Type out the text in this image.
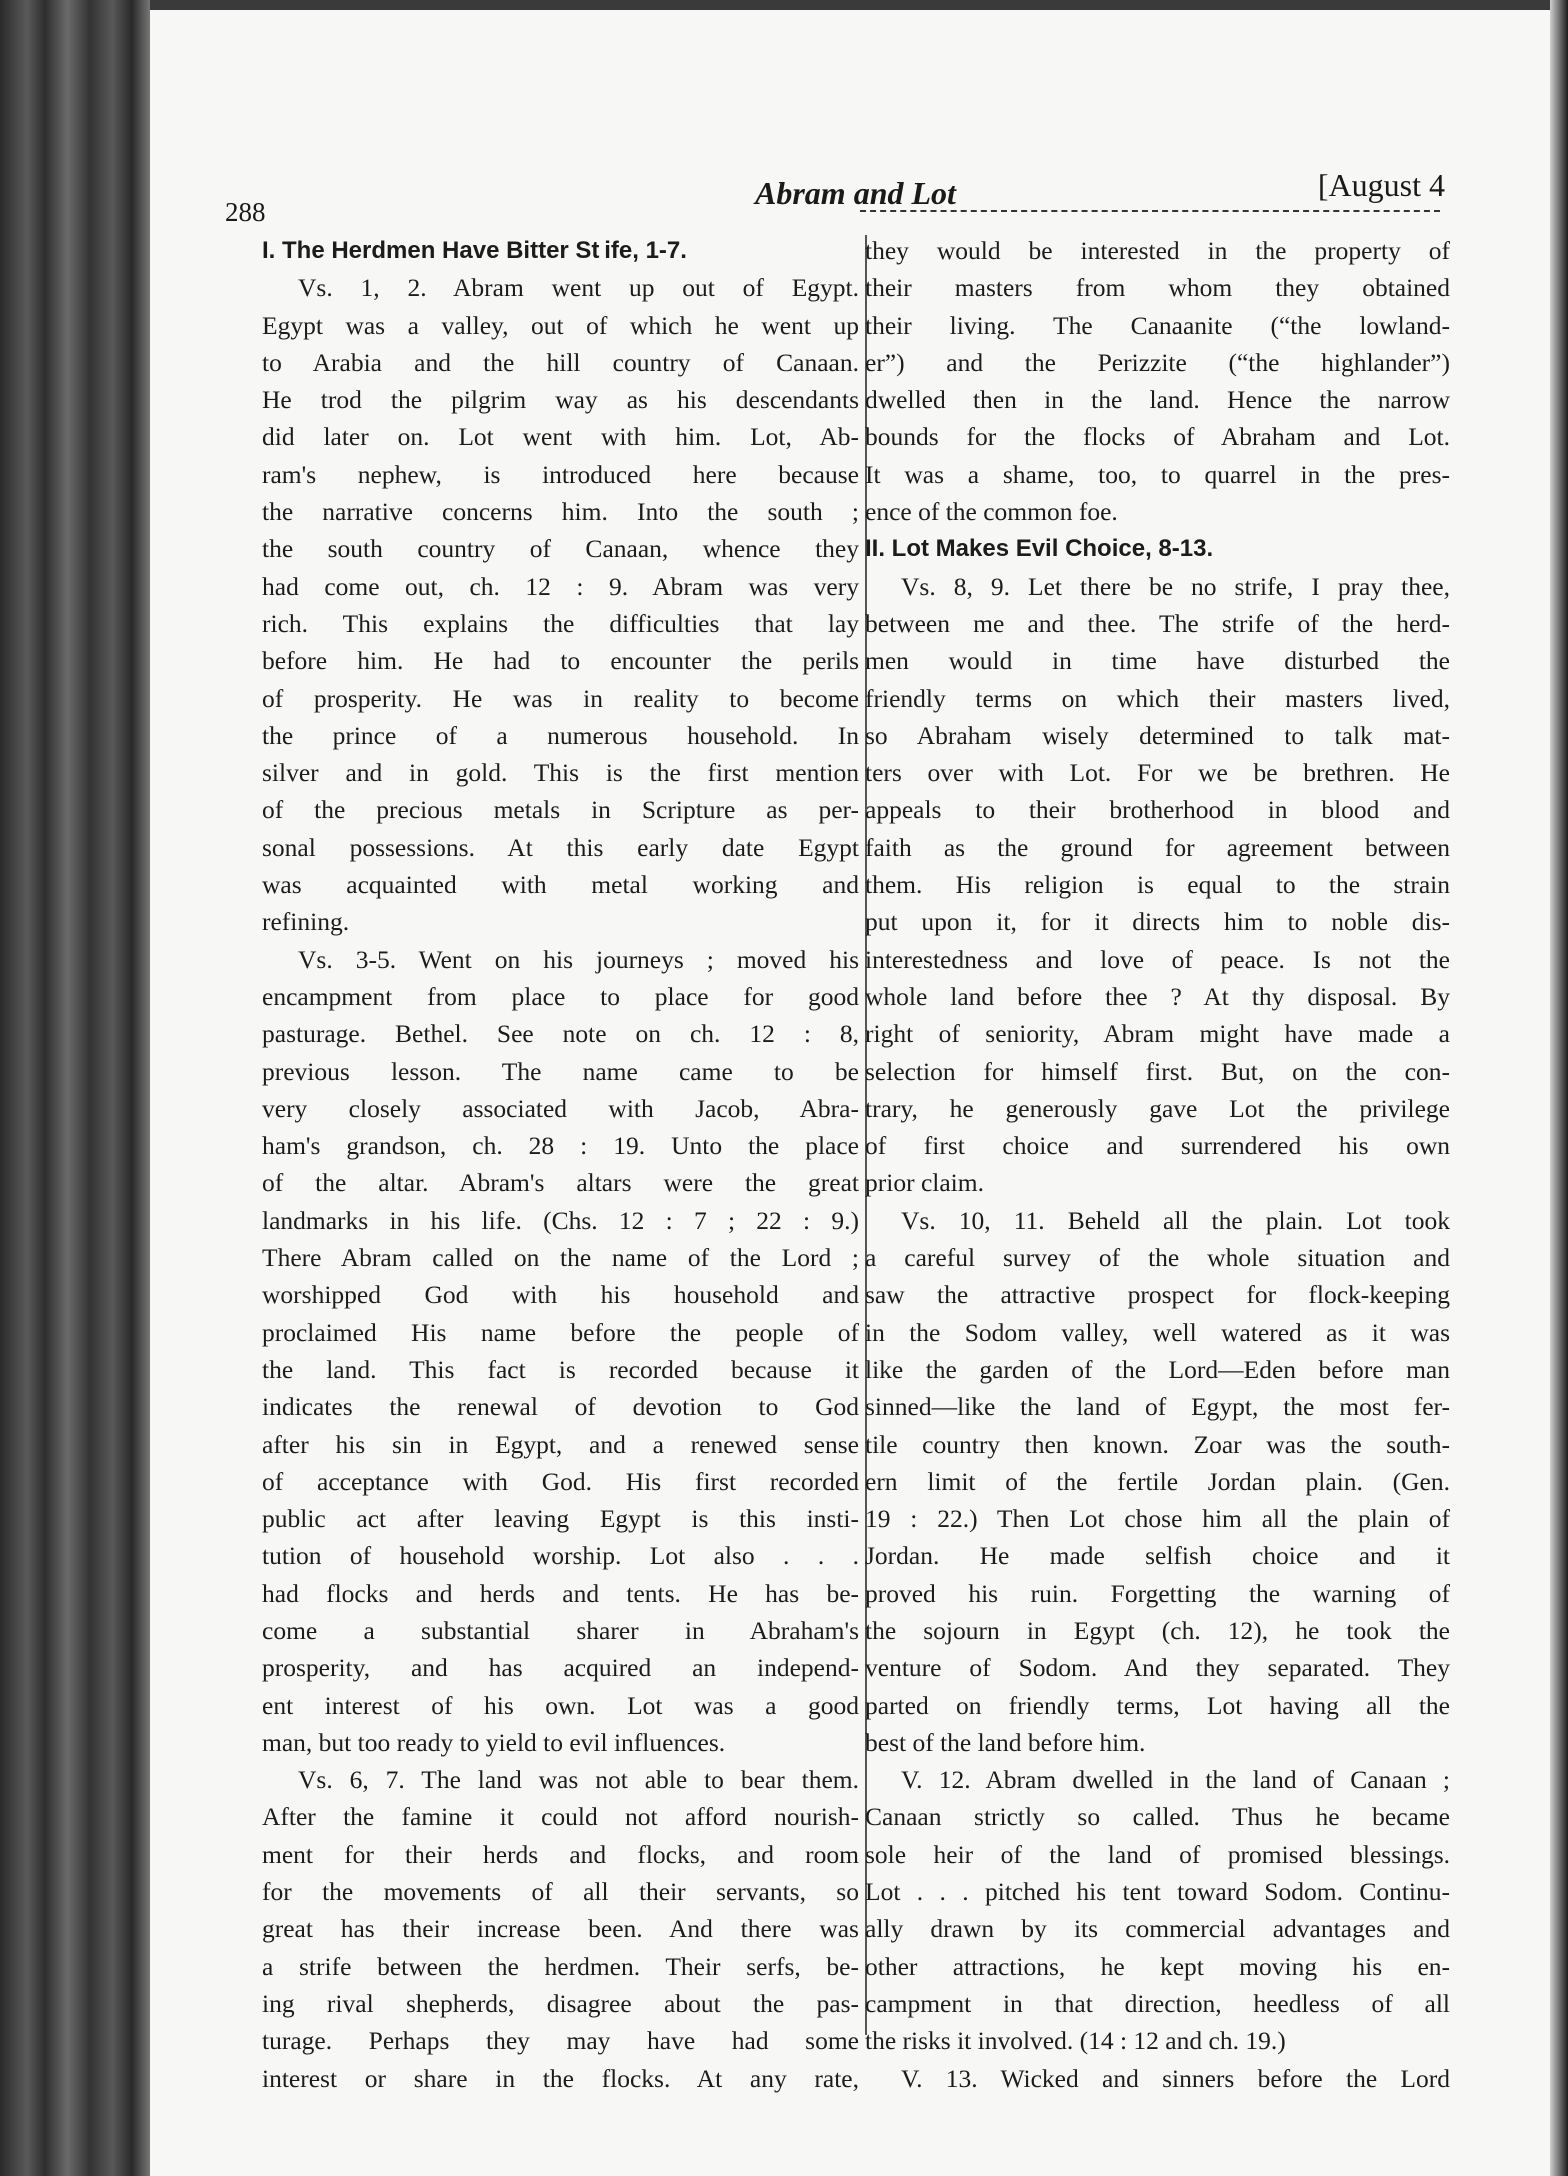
288
Abram and Lot	[August 4
I. The Herdmen Have Bitter St ife, 1-7.
Vs. 1, 2. Abram went up out of Egypt.
Egypt was a valley, out of which he went up
to Arabia and the hill country of Canaan.
He trod the pilgrim way as his descendants
did later on. Lot went with him. Lot, Ab-
ram's nephew, is introduced here because
the narrative concerns him. Into the south ;
the south country of Canaan, whence they
had come out, ch. 12 : 9. Abram was very
rich. This explains the difficulties that lay
before him. He had to encounter the perils
of prosperity. He was in reality to become
the prince of a numerous household. In
silver and in gold. This is the first mention
of the precious metals in Scripture as per-
sonal possessions. At this early date Egypt
was acquainted with metal working and
refining.
Vs. 3-5. Went on his journeys ; moved his
encampment from place to place for good
pasturage. Bethel. See note on ch. 12 : 8,
previous lesson. The name came to be
very closely associated with Jacob, Abra-
ham's grandson, ch. 28 : 19. Unto the place
of the altar. Abram's altars were the great
landmarks in his life. (Chs. 12 : 7 ; 22 : 9.)
There Abram called on the name of the Lord ;
worshipped God with his household and
proclaimed His name before the people of
the land. This fact is recorded because it
indicates the renewal of devotion to God
after his sin in Egypt, and a renewed sense
of acceptance with God. His first recorded
public act after leaving Egypt is this insti-
tution of household worship. Lot also . . .
had flocks and herds and tents. He has be-
come a substantial sharer in Abraham's
prosperity, and has acquired an independ-
ent interest of his own. Lot was a good
man, but too ready to yield to evil influences.
Vs. 6, 7. The land was not able to bear them.
After the famine it could not afford nourish-
ment for their herds and flocks, and room
for the movements of all their servants, so
great has their increase been. And there was
a strife between the herdmen. Their serfs, be-
ing rival shepherds, disagree about the pas-
turage. Perhaps they may have had some
interest or share in the flocks. At any rate,
they would be interested in the property of
their masters from whom they obtained
their living. The Canaanite (“the lowland-
er”) and the Perizzite (“the highlander”)
dwelled then in the land. Hence the narrow
bounds for the flocks of Abraham and Lot.
It was a shame, too, to quarrel in the pres-
ence of the common foe.
II. Lot Makes Evil Choice, 8-13.
Vs. 8, 9. Let there be no strife, I pray thee,
between me and thee. The strife of the herd-
men would in time have disturbed the
friendly terms on which their masters lived,
so Abraham wisely determined to talk mat-
ters over with Lot. For we be brethren. He
appeals to their brotherhood in blood and
faith as the ground for agreement between
them. His religion is equal to the strain
put upon it, for it directs him to noble dis-
interestedness and love of peace. Is not the
whole land before thee ? At thy disposal. By
right of seniority, Abram might have made a
selection for himself first. But, on the con-
trary, he generously gave Lot the privilege
of first choice and surrendered his own
prior claim.
Vs. 10, 11. Beheld all the plain. Lot took
a careful survey of the whole situation and
saw the attractive prospect for flock-keeping
in the Sodom valley, well watered as it was
like the garden of the Lord—Eden before man
sinned—like the land of Egypt, the most fer-
tile country then known. Zoar was the south-
ern limit of the fertile Jordan plain. (Gen.
19 : 22.) Then Lot chose him all the plain of
Jordan. He made selfish choice and it
proved his ruin. Forgetting the warning of
the sojourn in Egypt (ch. 12), he took the
venture of Sodom. And they separated. They
parted on friendly terms, Lot having all the
best of the land before him.
V. 12. Abram dwelled in the land of Canaan ;
Canaan strictly so called. Thus he became
sole heir of the land of promised blessings.
Lot . . . pitched his tent toward Sodom. Continu-
ally drawn by its commercial advantages and
other attractions, he kept moving his en-
campment in that direction, heedless of all
the risks it involved. (14 : 12 and ch. 19.)
V. 13. Wicked and sinners before the Lord
